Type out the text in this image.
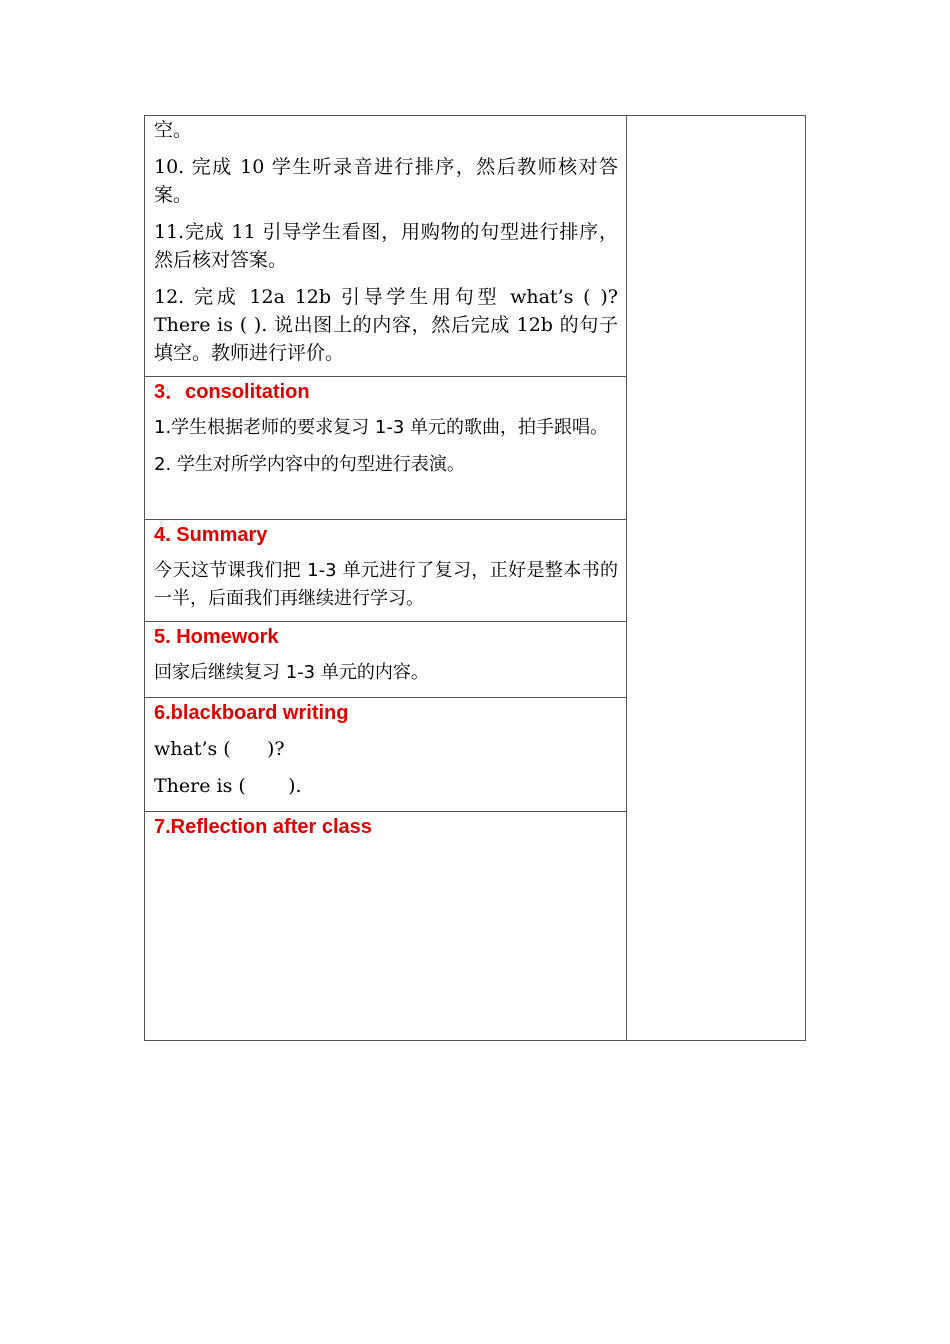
空。

10. 完成 10 学生听录音进行排序，然后教师核对答案。

11.完成 11 引导学生看图，用购物的句型进行排序，然后核对答案。

12. 完成 12a 12b 引导学生用句型 what’s ( )? There is ( ). 说出图上的内容，然后完成 12b 的句子填空。教师进行评价。

3．consolitation

1.学生根据老师的要求复习 1-3 单元的歌曲，拍手跟唱。

2. 学生对所学内容中的句型进行表演。

4. Summary

今天这节课我们把 1-3 单元进行了复习，正好是整本书的一半，后面我们再继续进行学习。

5. Homework

回家后继续复习 1-3 单元的内容。

6.blackboard writing

what’s (      )?

There is (       ).

7.Reflection after class
